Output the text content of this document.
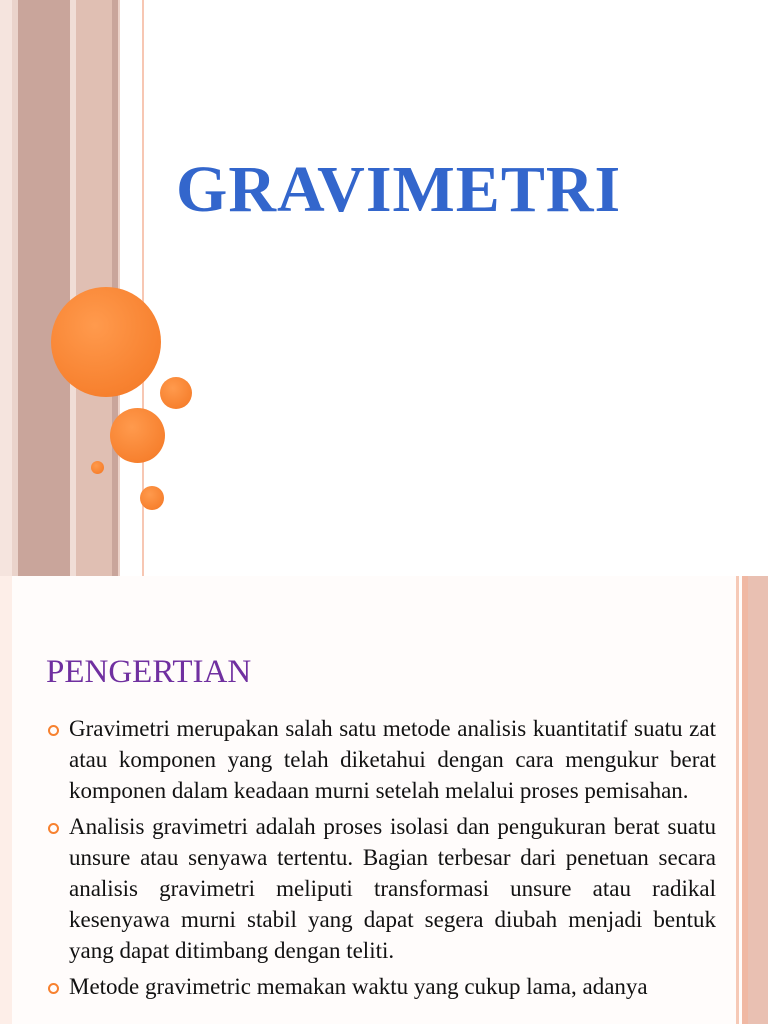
GRAVIMETRI
PENGERTIAN
Gravimetri merupakan salah satu metode analisis kuantitatif suatu zat atau komponen yang telah diketahui dengan cara mengukur berat komponen dalam keadaan murni setelah melalui proses pemisahan.
Analisis gravimetri adalah proses isolasi dan pengukuran berat suatu unsure atau senyawa tertentu. Bagian terbesar dari penetuan secara analisis gravimetri meliputi transformasi unsure atau radikal kesenyawa murni stabil yang dapat segera diubah menjadi bentuk yang dapat ditimbang dengan teliti.
Metode gravimetric memakan waktu yang cukup lama, adanya
